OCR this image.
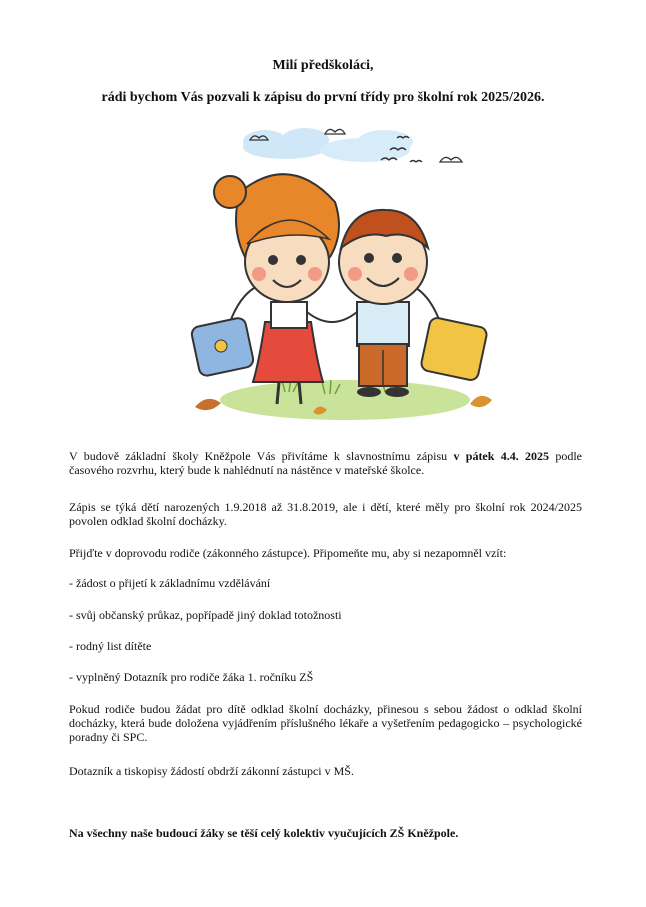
Milí předškoláci,
rádi bychom Vás pozvali k zápisu do první třídy pro školní rok 2025/2026.
V budově základní školy Kněžpole Vás přivítáme k slavnostnímu zápisu v pátek 4.4. 2025 podle časového rozvrhu, který bude k nahlédnutí na nástěnce v mateřské školce.
Zápis se týká dětí narozených 1.9.2018 až 31.8.2019, ale i dětí, které měly pro školní rok 2024/2025 povolen odklad školní docházky.
Přijďte v doprovodu rodiče (zákonného zástupce). Připomeňte mu, aby si nezapomněl vzít:
- žádost o přijetí k základnímu vzdělávání
- svůj občanský průkaz, popřípadě jiný doklad totožnosti
- rodný list dítěte
- vyplněný Dotazník pro rodiče žáka 1. ročníku ZŠ
Pokud rodiče budou žádat pro dítě odklad školní docházky, přinesou s sebou žádost o odklad školní docházky, která bude doložena vyjádřením příslušného lékaře a vyšetřením pedagogicko – psychologické poradny či SPC.
Dotazník a tiskopisy žádostí obdrží zákonní zástupci v MŠ.
Na všechny naše budoucí žáky se těší celý kolektiv vyučujících ZŠ Kněžpole.
